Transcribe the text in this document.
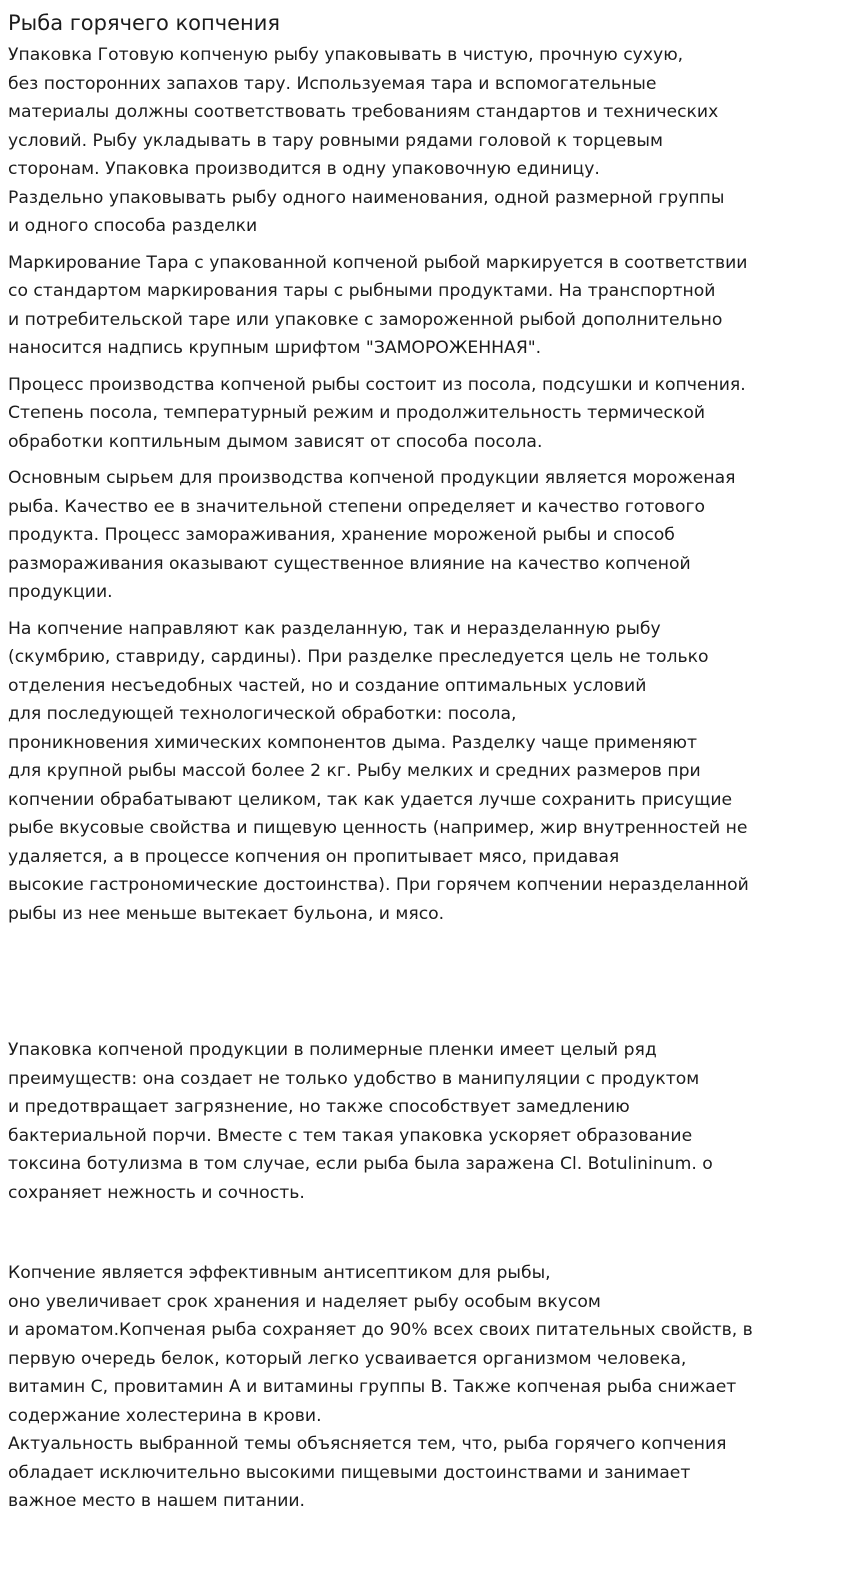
Рыба горячего копчения
Упаковка Готовую копченую рыбу упаковывать в чистую, прочную сухую,
без посторонних запахов тару. Используемая тара и вспомогательные
материалы должны соответствовать требованиям стандартов и технических
условий. Рыбу укладывать в тару ровными рядами головой к торцевым
сторонам. Упаковка производится в одну упаковочную единицу.
Раздельно упаковывать рыбу одного наименования, одной размерной группы
и одного способа разделки
Маркирование Тара с упакованной копченой рыбой маркируется в соответствии
со стандартом маркирования тары с рыбными продуктами. На транспортной
и потребительской таре или упаковке с замороженной рыбой дополнительно
наносится надпись крупным шрифтом "ЗАМОРОЖЕННАЯ".
Процесс производства копченой рыбы состоит из посола, подсушки и копчения.
Степень посола, температурный режим и продолжительность термической
обработки коптильным дымом зависят от способа посола.
Основным сырьем для производства копченой продукции является мороженая
рыба. Качество ее в значительной степени определяет и качество готового
продукта. Процесс замораживания, хранение мороженой рыбы и способ
размораживания оказывают существенное влияние на качество копченой
продукции.
На копчение направляют как разделанную, так и неразделанную рыбу
(скумбрию, ставриду, сардины). При разделке преследуется цель не только
отделения несъедобных частей, но и создание оптимальных условий
для последующей технологической обработки: посола,
проникновения химических компонентов дыма. Разделку чаще применяют
для крупной рыбы массой более 2 кг. Рыбу мелких и средних размеров при
копчении обрабатывают целиком, так как удается лучше сохранить присущие
рыбе вкусовые свойства и пищевую ценность (например, жир внутренностей не
удаляется, а в процессе копчения он пропитывает мясо, придавая
высокие гастрономические достоинства). При горячем копчении неразделанной
рыбы из нее меньше вытекает бульона, и мясо.
Упаковка копченой продукции в полимерные пленки имеет целый ряд
преимуществ: она создает не только удобство в манипуляции с продуктом
и предотвращает загрязнение, но также способствует замедлению
бактериальной порчи. Вместе с тем такая упаковка ускоряет образование
токсина ботулизма в том случае, если рыба была заражена Cl. Botulininum. о
сохраняет нежность и сочность.
Копчение является эффективным антисептиком для рыбы,
оно увеличивает срок хранения и наделяет рыбу особым вкусом
и ароматом.Копченая рыба сохраняет до 90% всех своих питательных свойств, в
первую очередь белок, который легко усваивается организмом человека,
витамин С, провитамин А и витамины группы В. Также копченая рыба снижает
содержание холестерина в крови.
Актуальность выбранной темы объясняется тем, что, рыба горячего копчения
обладает исключительно высокими пищевыми достоинствами и занимает
важное место в нашем питании.
